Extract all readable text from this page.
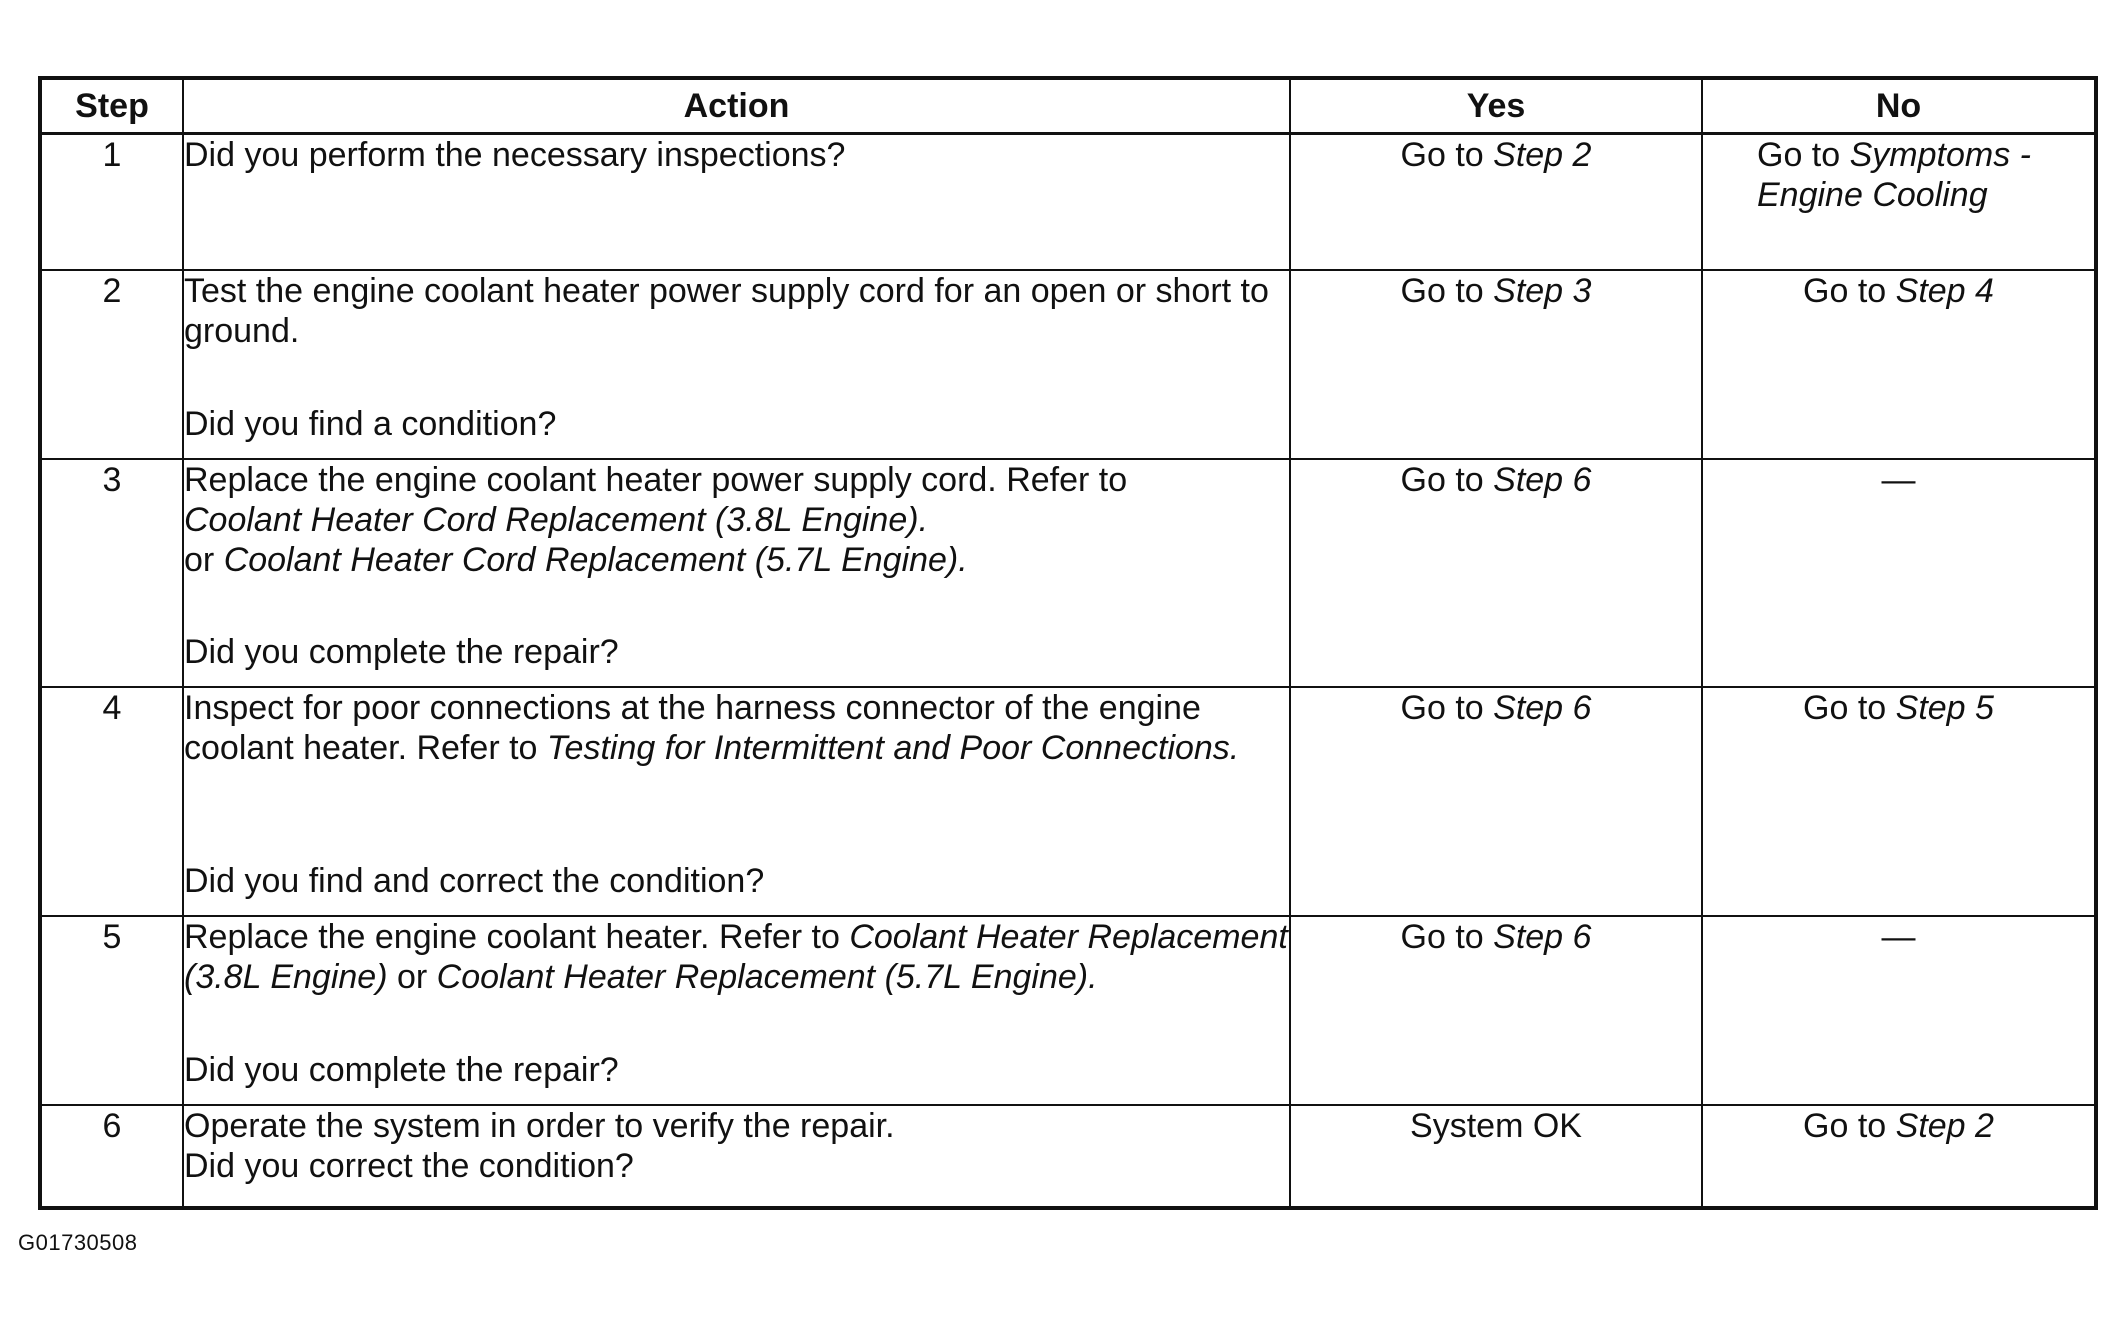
Step	Action	Yes	No
1	Did you perform the necessary inspections?	Go to Step 2	Go to Symptoms - Engine Cooling
2	Test the engine coolant heater power supply cord for an open or short to ground.
Did you find a condition?	Go to Step 3	Go to Step 4
3	Replace the engine coolant heater power supply cord. Refer to
Coolant Heater Cord Replacement (3.8L Engine).
or Coolant Heater Cord Replacement (5.7L Engine).
Did you complete the repair?	Go to Step 6	—
4	Inspect for poor connections at the harness connector of the engine coolant heater. Refer to Testing for Intermittent and Poor Connections.
Did you find and correct the condition?	Go to Step 6	Go to Step 5
5	Replace the engine coolant heater. Refer to Coolant Heater Replacement (3.8L Engine) or Coolant Heater Replacement (5.7L Engine).
Did you complete the repair?	Go to Step 6	—
6	Operate the system in order to verify the repair.
Did you correct the condition?	System OK	Go to Step 2
G01730508
